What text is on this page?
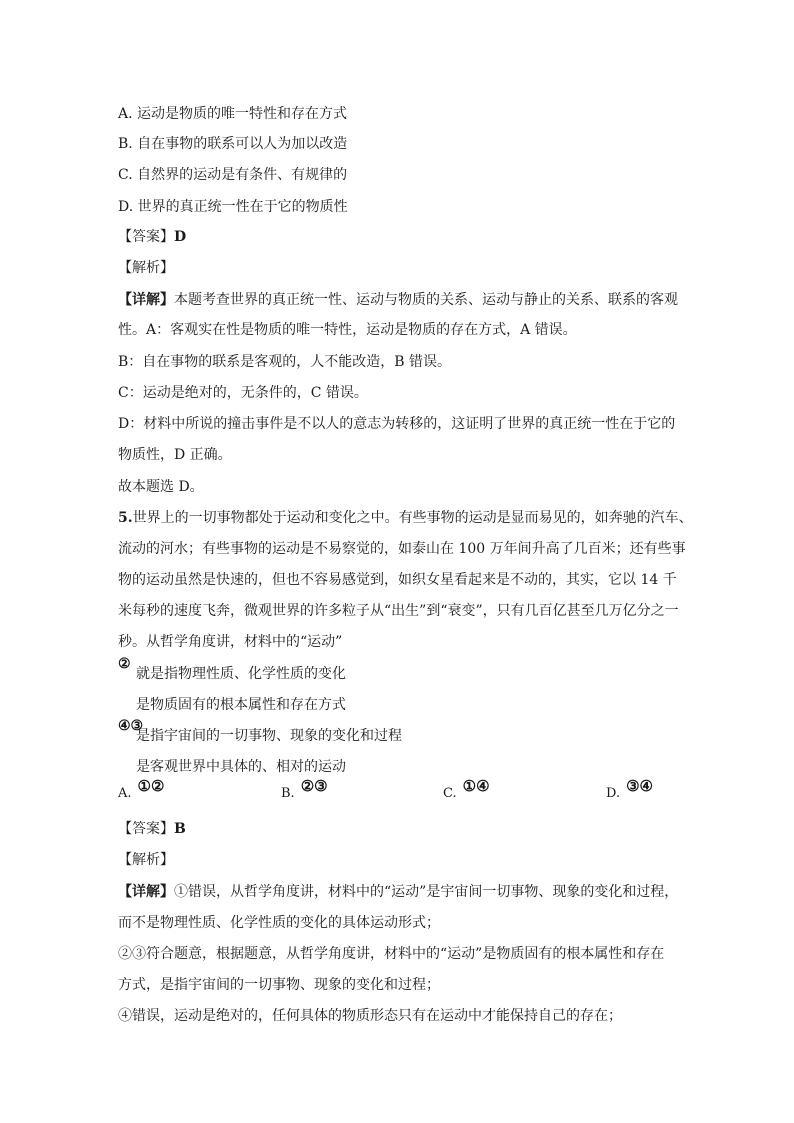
A. 运动是物质的唯一特性和存在方式
B. 自在事物的联系可以人为加以改造
C. 自然界的运动是有条件、有规律的
D. 世界的真正统一性在于它的物质性
【答案】D
【解析】
【详解】本题考查世界的真正统一性、运动与物质的关系、运动与静止的关系、联系的客观
性。A：客观实在性是物质的唯一特性，运动是物质的存在方式，A 错误。
B：自在事物的联系是客观的，人不能改造，B 错误。
C：运动是绝对的，无条件的，C 错误。
D：材料中所说的撞击事件是不以人的意志为转移的，这证明了世界的真正统一性在于它的
物质性，D 正确。
故本题选 D。
5.世界上的一切事物都处于运动和变化之中。有些事物的运动是显而易见的，如奔驰的汽车、
流动的河水；有些事物的运动是不易察觉的，如泰山在 100 万年间升高了几百米；还有些事
物的运动虽然是快速的，但也不容易感觉到，如织女星看起来是不动的，其实，它以 14 千
米每秒的速度飞奔，微观世界的许多粒子从“出生”到“衰变”，只有几百亿甚至几万亿分之一
秒。从哲学角度讲，材料中的“运动”
②
就是指物理性质、化学性质的变化
是物质固有的根本属性和存在方式
④③
是指宇宙间的一切事物、现象的变化和过程
是客观世界中具体的、相对的运动
A. ①②	B. ②③	C. ①④	D. ③④
【答案】B
【解析】
【详解】①错误，从哲学角度讲，材料中的“运动”是宇宙间一切事物、现象的变化和过程，
而不是物理性质、化学性质的变化的具体运动形式；
②③符合题意，根据题意，从哲学角度讲，材料中的“运动”是物质固有的根本属性和存在
方式，是指宇宙间的一切事物、现象的变化和过程；
④错误，运动是绝对的，任何具体的物质形态只有在运动中才能保持自己的存在；
